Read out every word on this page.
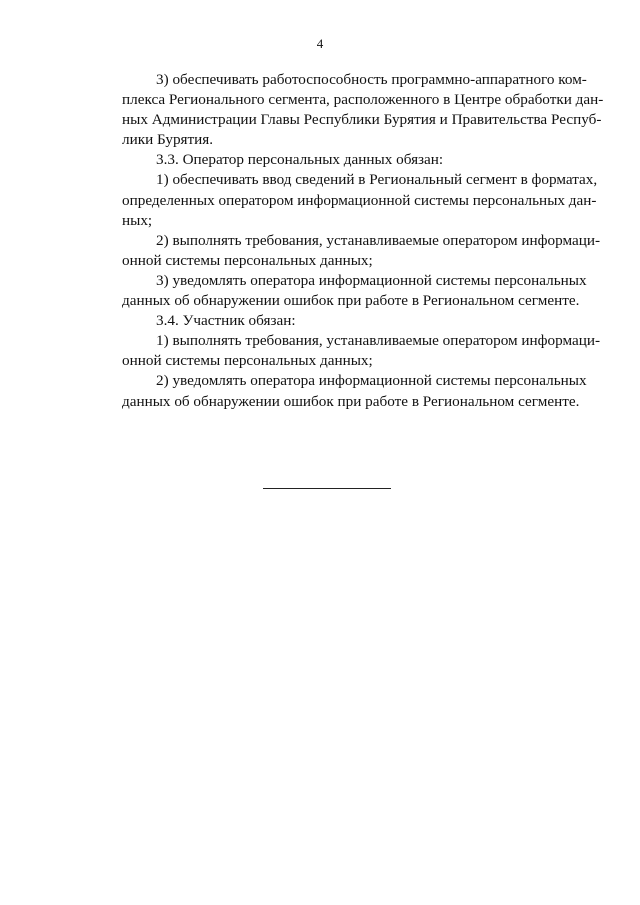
4

3) обеспечивать работоспособность программно-аппаратного ком-
плекса Регионального сегмента, расположенного в Центре обработки дан-
ных Администрации Главы Республики Бурятия и Правительства Респуб-
лики Бурятия.

3.3. Оператор персональных данных обязан:

1) обеспечивать ввод сведений в Региональный сегмент в форматах,
определенных оператором информационной системы персональных дан-
ных;

2) выполнять требования, устанавливаемые оператором информаци-
онной системы персональных данных;

3) уведомлять оператора информационной системы персональных
данных об обнаружении ошибок при работе в Региональном сегменте.

3.4. Участник обязан:

1) выполнять требования, устанавливаемые оператором информаци-
онной системы персональных данных;

2) уведомлять оператора информационной системы персональных
данных об обнаружении ошибок при работе в Региональном сегменте.
